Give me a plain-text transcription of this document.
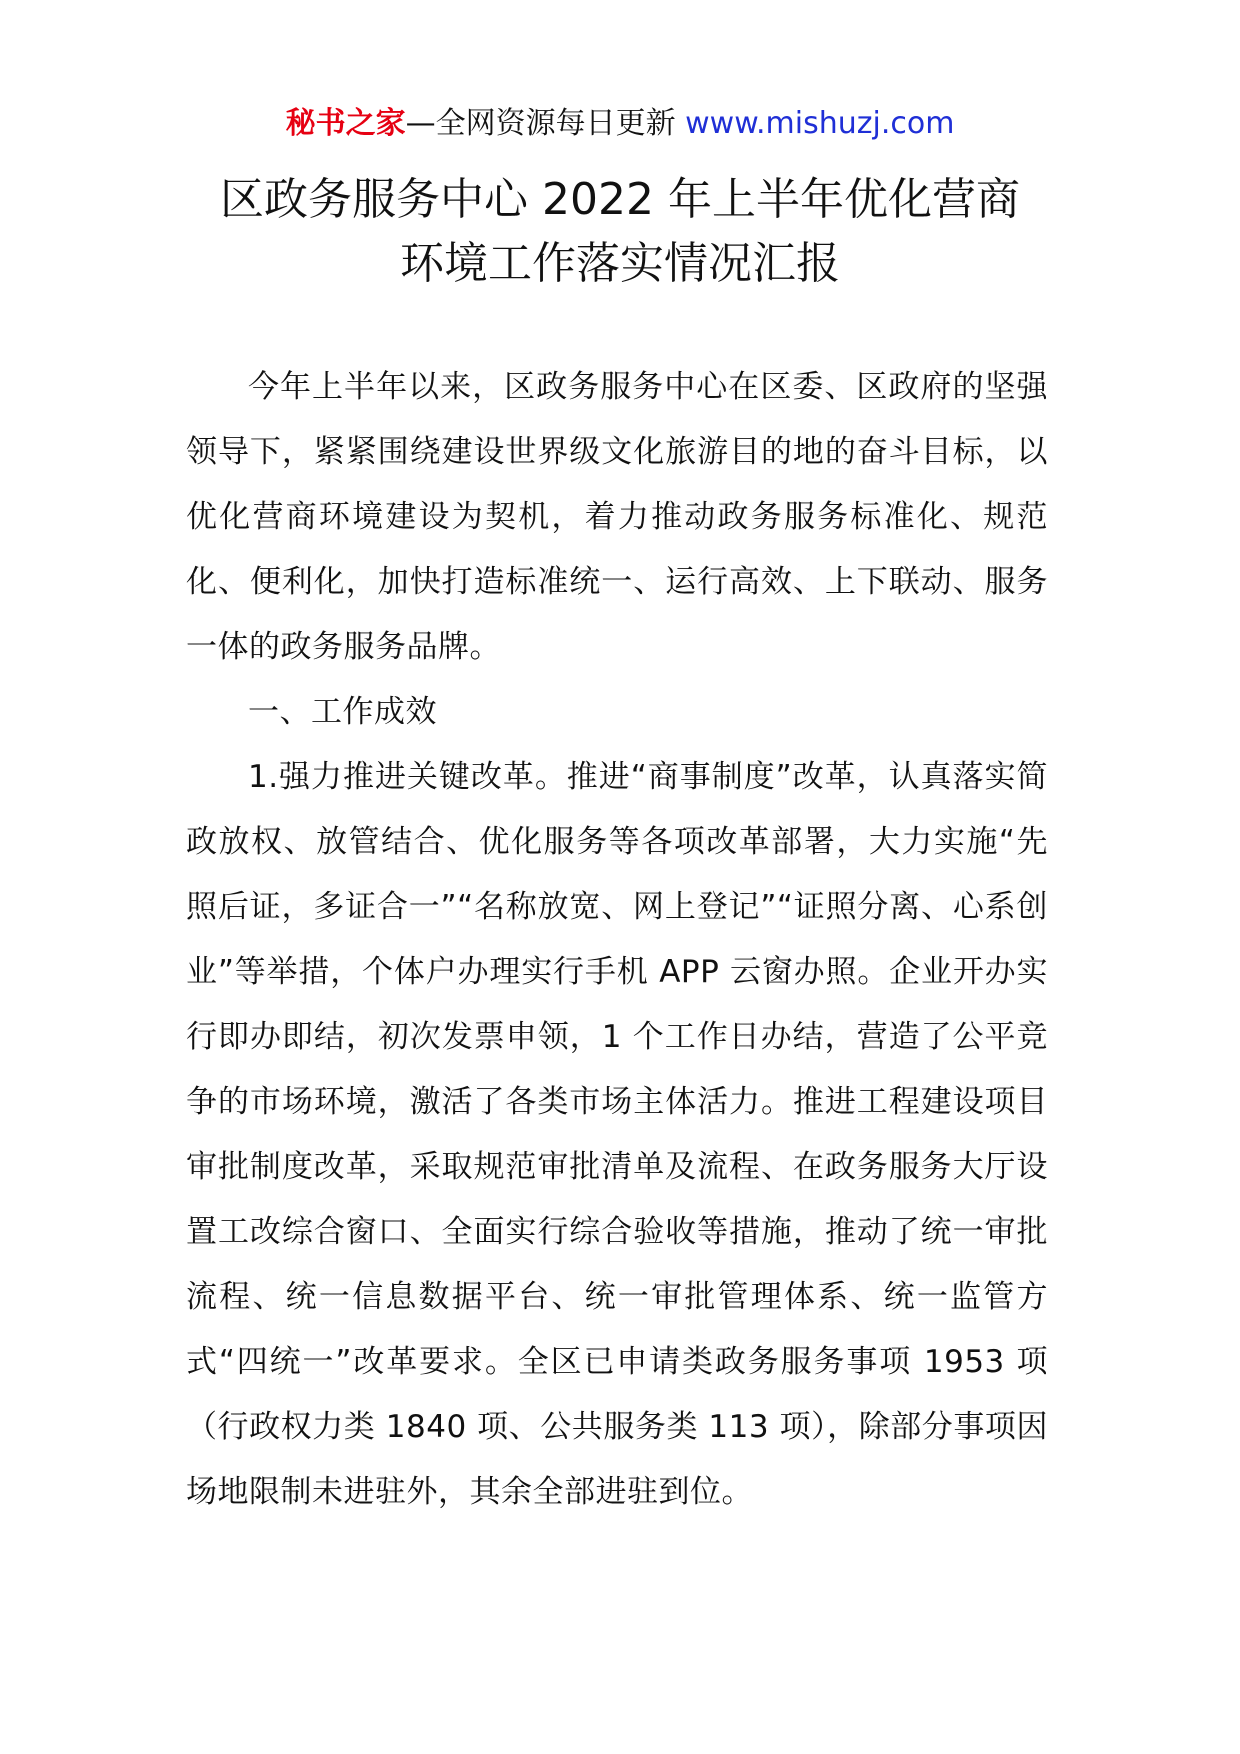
秘书之家—全网资源每日更新 www.mishuzj.com
区政务服务中心 2022 年上半年优化营商
环境工作落实情况汇报

今年上半年以来，区政务服务中心在区委、区政府的坚强领导下，紧紧围绕建设世界级文化旅游目的地的奋斗目标，以优化营商环境建设为契机，着力推动政务服务标准化、规范化、便利化，加快打造标准统一、运行高效、上下联动、服务一体的政务服务品牌。

一、工作成效

1.强力推进关键改革。推进“商事制度”改革，认真落实简政放权、放管结合、优化服务等各项改革部署，大力实施“先照后证，多证合一”“名称放宽、网上登记”“证照分离、心系创业”等举措，个体户办理实行手机 APP 云窗办照。企业开办实行即办即结，初次发票申领，1 个工作日办结，营造了公平竞争的市场环境，激活了各类市场主体活力。推进工程建设项目审批制度改革，采取规范审批清单及流程、在政务服务大厅设置工改综合窗口、全面实行综合验收等措施，推动了统一审批流程、统一信息数据平台、统一审批管理体系、统一监管方式“四统一”改革要求。全区已申请类政务服务事项 1953 项（行政权力类 1840 项、公共服务类 113 项），除部分事项因场地限制未进驻外，其余全部进驻到位。
